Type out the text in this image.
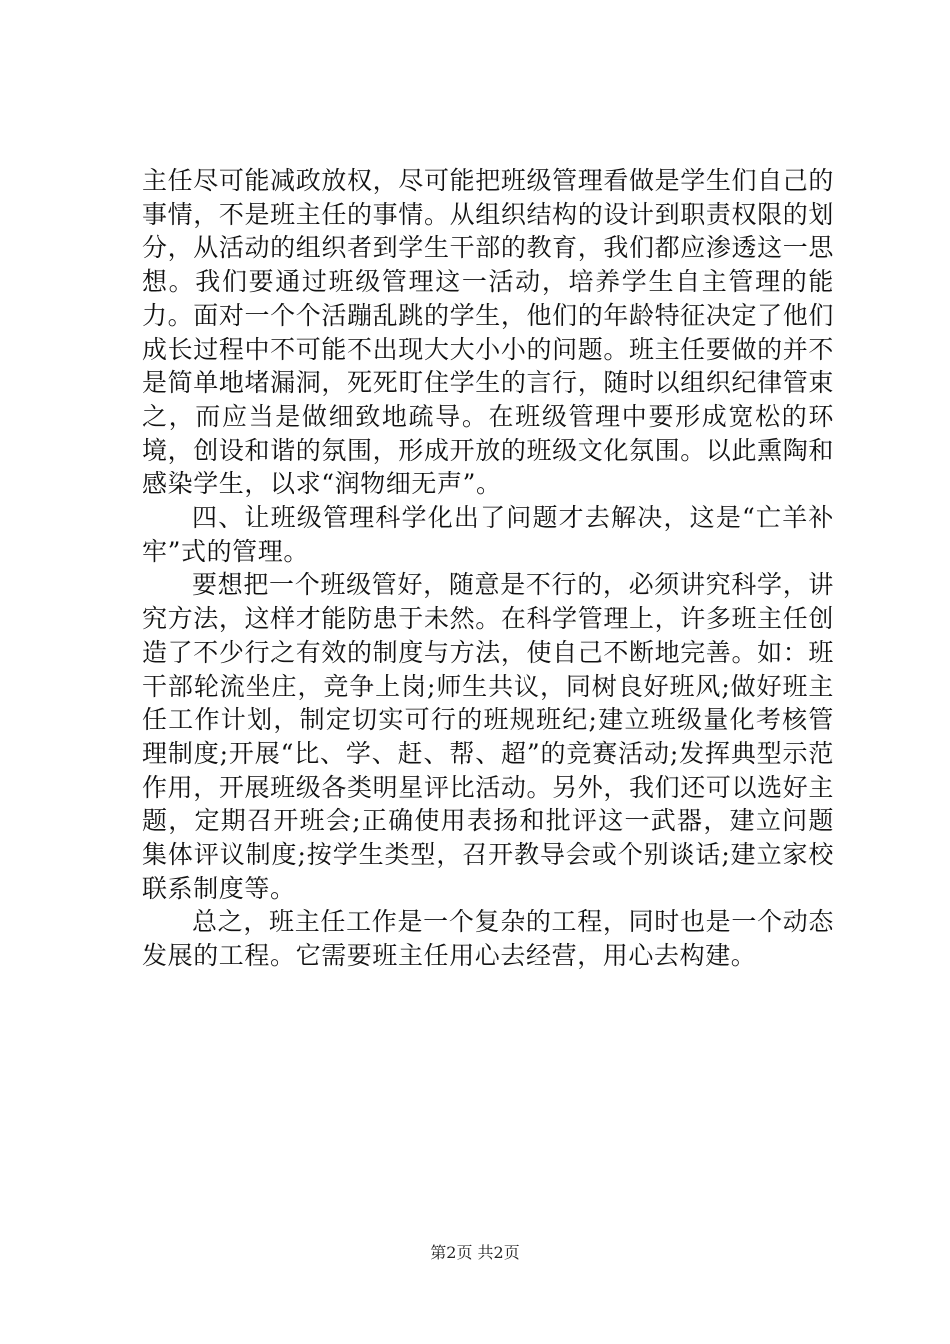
主任尽可能减政放权，尽可能把班级管理看做是学生们自己的事情，不是班主任的事情。从组织结构的设计到职责权限的划分，从活动的组织者到学生干部的教育，我们都应渗透这一思想。我们要通过班级管理这一活动，培养学生自主管理的能力。面对一个个活蹦乱跳的学生，他们的年龄特征决定了他们成长过程中不可能不出现大大小小的问题。班主任要做的并不是简单地堵漏洞，死死盯住学生的言行，随时以组织纪律管束之，而应当是做细致地疏导。在班级管理中要形成宽松的环境，创设和谐的氛围，形成开放的班级文化氛围。以此熏陶和感染学生，以求“润物细无声”。

四、让班级管理科学化出了问题才去解决，这是“亡羊补牢”式的管理。

要想把一个班级管好，随意是不行的，必须讲究科学，讲究方法，这样才能防患于未然。在科学管理上，许多班主任创造了不少行之有效的制度与方法，使自己不断地完善。如：班干部轮流坐庄，竞争上岗;师生共议，同树良好班风;做好班主任工作计划，制定切实可行的班规班纪;建立班级量化考核管理制度;开展“比、学、赶、帮、超”的竞赛活动;发挥典型示范作用，开展班级各类明星评比活动。另外，我们还可以选好主题，定期召开班会;正确使用表扬和批评这一武器，建立问题集体评议制度;按学生类型，召开教导会或个别谈话;建立家校联系制度等。

总之，班主任工作是一个复杂的工程，同时也是一个动态发展的工程。它需要班主任用心去经营，用心去构建。

第2页 共2页
